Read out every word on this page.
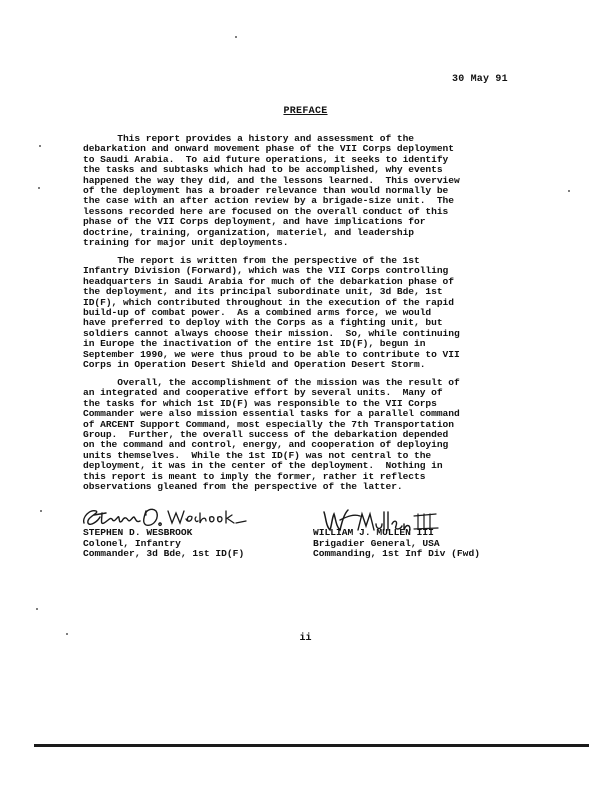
30 May 91
PREFACE

This report provides a history and assessment of the
debarkation and onward movement phase of the VII Corps deployment
to Saudi Arabia.  To aid future operations, it seeks to identify
the tasks and subtasks which had to be accomplished, why events
happened the way they did, and the lessons learned.  This overview
of the deployment has a broader relevance than would normally be
the case with an after action review by a brigade-size unit.  The
lessons recorded here are focused on the overall conduct of this
phase of the VII Corps deployment, and have implications for
doctrine, training, organization, materiel, and leadership
training for major unit deployments.

The report is written from the perspective of the 1st
Infantry Division (Forward), which was the VII Corps controlling
headquarters in Saudi Arabia for much of the debarkation phase of
the deployment, and its principal subordinate unit, 3d Bde, 1st
ID(F), which contributed throughout in the execution of the rapid
build-up of combat power.  As a combined arms force, we would
have preferred to deploy with the Corps as a fighting unit, but
soldiers cannot always choose their mission.  So, while continuing
in Europe the inactivation of the entire 1st ID(F), begun in
September 1990, we were thus proud to be able to contribute to VII
Corps in Operation Desert Shield and Operation Desert Storm.

Overall, the accomplishment of the mission was the result of
an integrated and cooperative effort by several units.  Many of
the tasks for which 1st ID(F) was responsible to the VII Corps
Commander were also mission essential tasks for a parallel command
of ARCENT Support Command, most especially the 7th Transportation
Group.  Further, the overall success of the debarkation depended
on the command and control, energy, and cooperation of deploying
units themselves.  While the 1st ID(F) was not central to the
deployment, it was in the center of the deployment.  Nothing in
this report is meant to imply the former, rather it reflects
observations gleaned from the perspective of the latter.

STEPHEN D. WESBROOK
Colonel, Infantry
Commander, 3d Bde, 1st ID(F)
WILLIAM J. MULLEN III
Brigadier General, USA
Commanding, 1st Inf Div (Fwd)
ii
